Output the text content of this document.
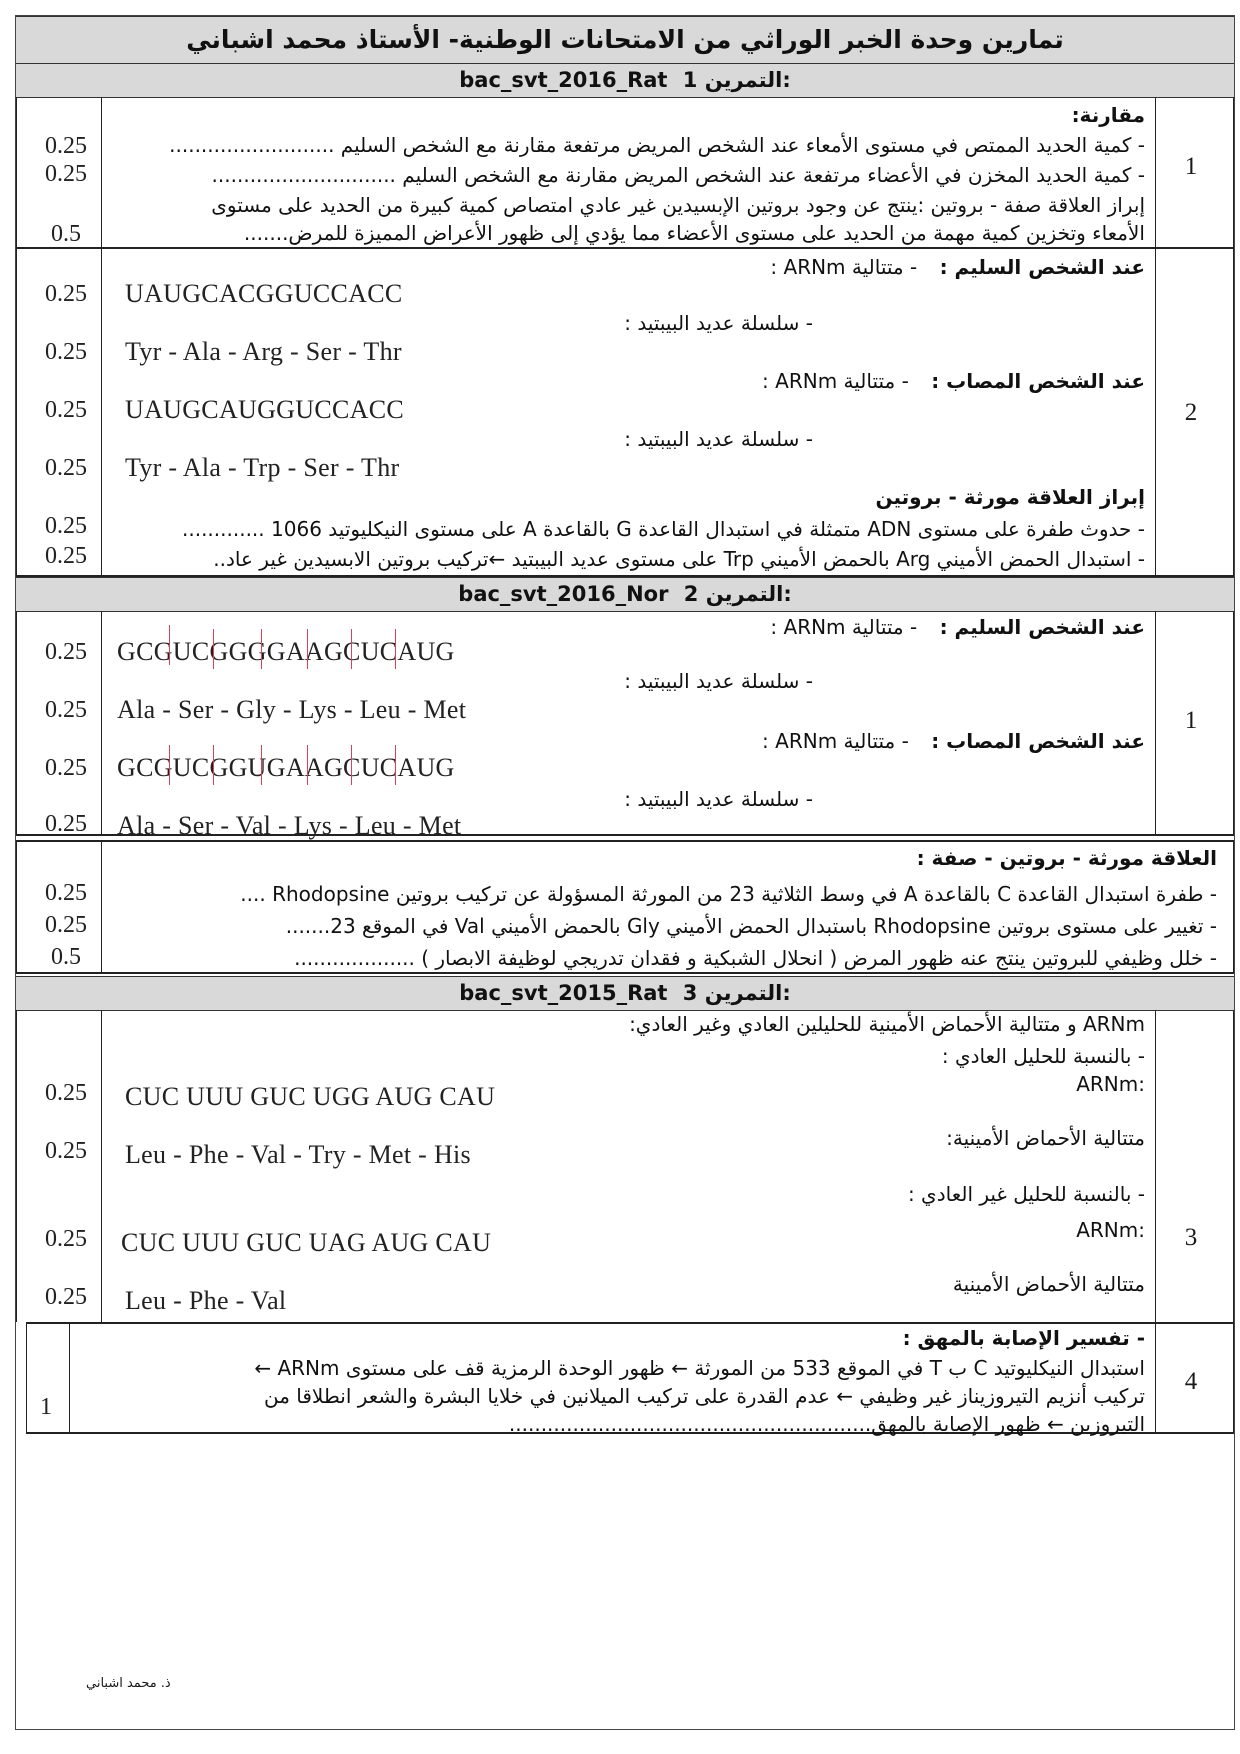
تمارين وحدة الخبر الوراثي من الامتحانات الوطنية- الأستاذ محمد اشباني
bac_svt_2016_Rat التمرين 1:
1
مقارنة:
- كمية الحديد الممتص في مستوى الأمعاء عند الشخص المريض مرتفعة مقارنة مع الشخص السليم ..........................
- كمية الحديد المخزن في الأعضاء مرتفعة عند الشخص المريض مقارنة مع الشخص السليم .............................
إبراز العلاقة صفة - بروتين :ينتج عن وجود بروتين الإبسيدين غير عادي امتصاص كمية كبيرة من الحديد على مستوى
الأمعاء وتخزين كمية مهمة من الحديد على مستوى الأعضاء مما يؤدي إلى ظهور الأعراض المميزة للمرض.......
0.25
0.25
0.5
2
عند الشخص السليم : - متتالية ARNm :
UAUGCACGGUCCACC
- سلسلة عديد البيبتيد :
Tyr - Ala - Arg - Ser - Thr
عند الشخص المصاب : - متتالية ARNm :
UAUGCAUGGUCCACC
- سلسلة عديد البيبتيد :
Tyr - Ala - Trp - Ser - Thr
إبراز العلاقة مورثة - بروتين
- حدوث طفرة على مستوى ADN متمثلة في استبدال القاعدة G بالقاعدة A على مستوى النيكليوتيد 1066 .............
- استبدال الحمض الأميني Arg بالحمض الأميني Trp على مستوى عديد البيبتيد ←تركيب بروتين الابسيدين غير عاد..
0.25
0.25
0.25
0.25
0.25
0.25
bac_svt_2016_Nor التمرين 2:
1
عند الشخص السليم : - متتالية ARNm :
GCGUCGGGGAAGCUCAUG
- سلسلة عديد البيبتيد :
Ala - Ser - Gly - Lys - Leu - Met
عند الشخص المصاب : - متتالية ARNm :
GCGUCGGUGAAGCUCAUG
- سلسلة عديد البيبتيد :
Ala - Ser - Val - Lys - Leu - Met
0.25
0.25
0.25
0.25
العلاقة مورثة - بروتين - صفة :
- طفرة استبدال القاعدة C بالقاعدة A في وسط الثلاثية 23 من المورثة المسؤولة عن تركيب بروتين Rhodopsine ....
- تغيير على مستوى بروتين Rhodopsine باستبدال الحمض الأميني Gly بالحمض الأميني Val في الموقع 23.......
- خلل وظيفي للبروتين ينتج عنه ظهور المرض ( انحلال الشبكية و فقدان تدريجي لوظيفة الابصار ) ...................
0.25
0.25
0.5
bac_svt_2015_Rat التمرين 3:
3
ARNm و متتالية الأحماض الأمينية للحليلين العادي وغير العادي:
- بالنسبة للحليل العادي :
:ARNm
CUC UUU GUC UGG AUG CAU
متتالية الأحماض الأمينية:
Leu - Phe - Val - Try - Met - His
- بالنسبة للحليل غير العادي :
:ARNm
CUC UUU GUC UAG AUG CAU
متتالية الأحماض الأمينية
Leu - Phe - Val
0.25
0.25
0.25
0.25
4
- تفسير الإصابة بالمهق :
استبدال النيكليوتيد C ب T في الموقع 533 من المورثة ← ظهور الوحدة الرمزية قف على مستوى ARNm ←
تركيب أنزيم التيروزيناز غير وظيفي ← عدم القدرة على تركيب الميلانين في خلايا البشرة والشعر انطلاقا من
التيروزين ← ظهور الإصابة بالمهق.........................................................
1
ذ. محمد اشباني
